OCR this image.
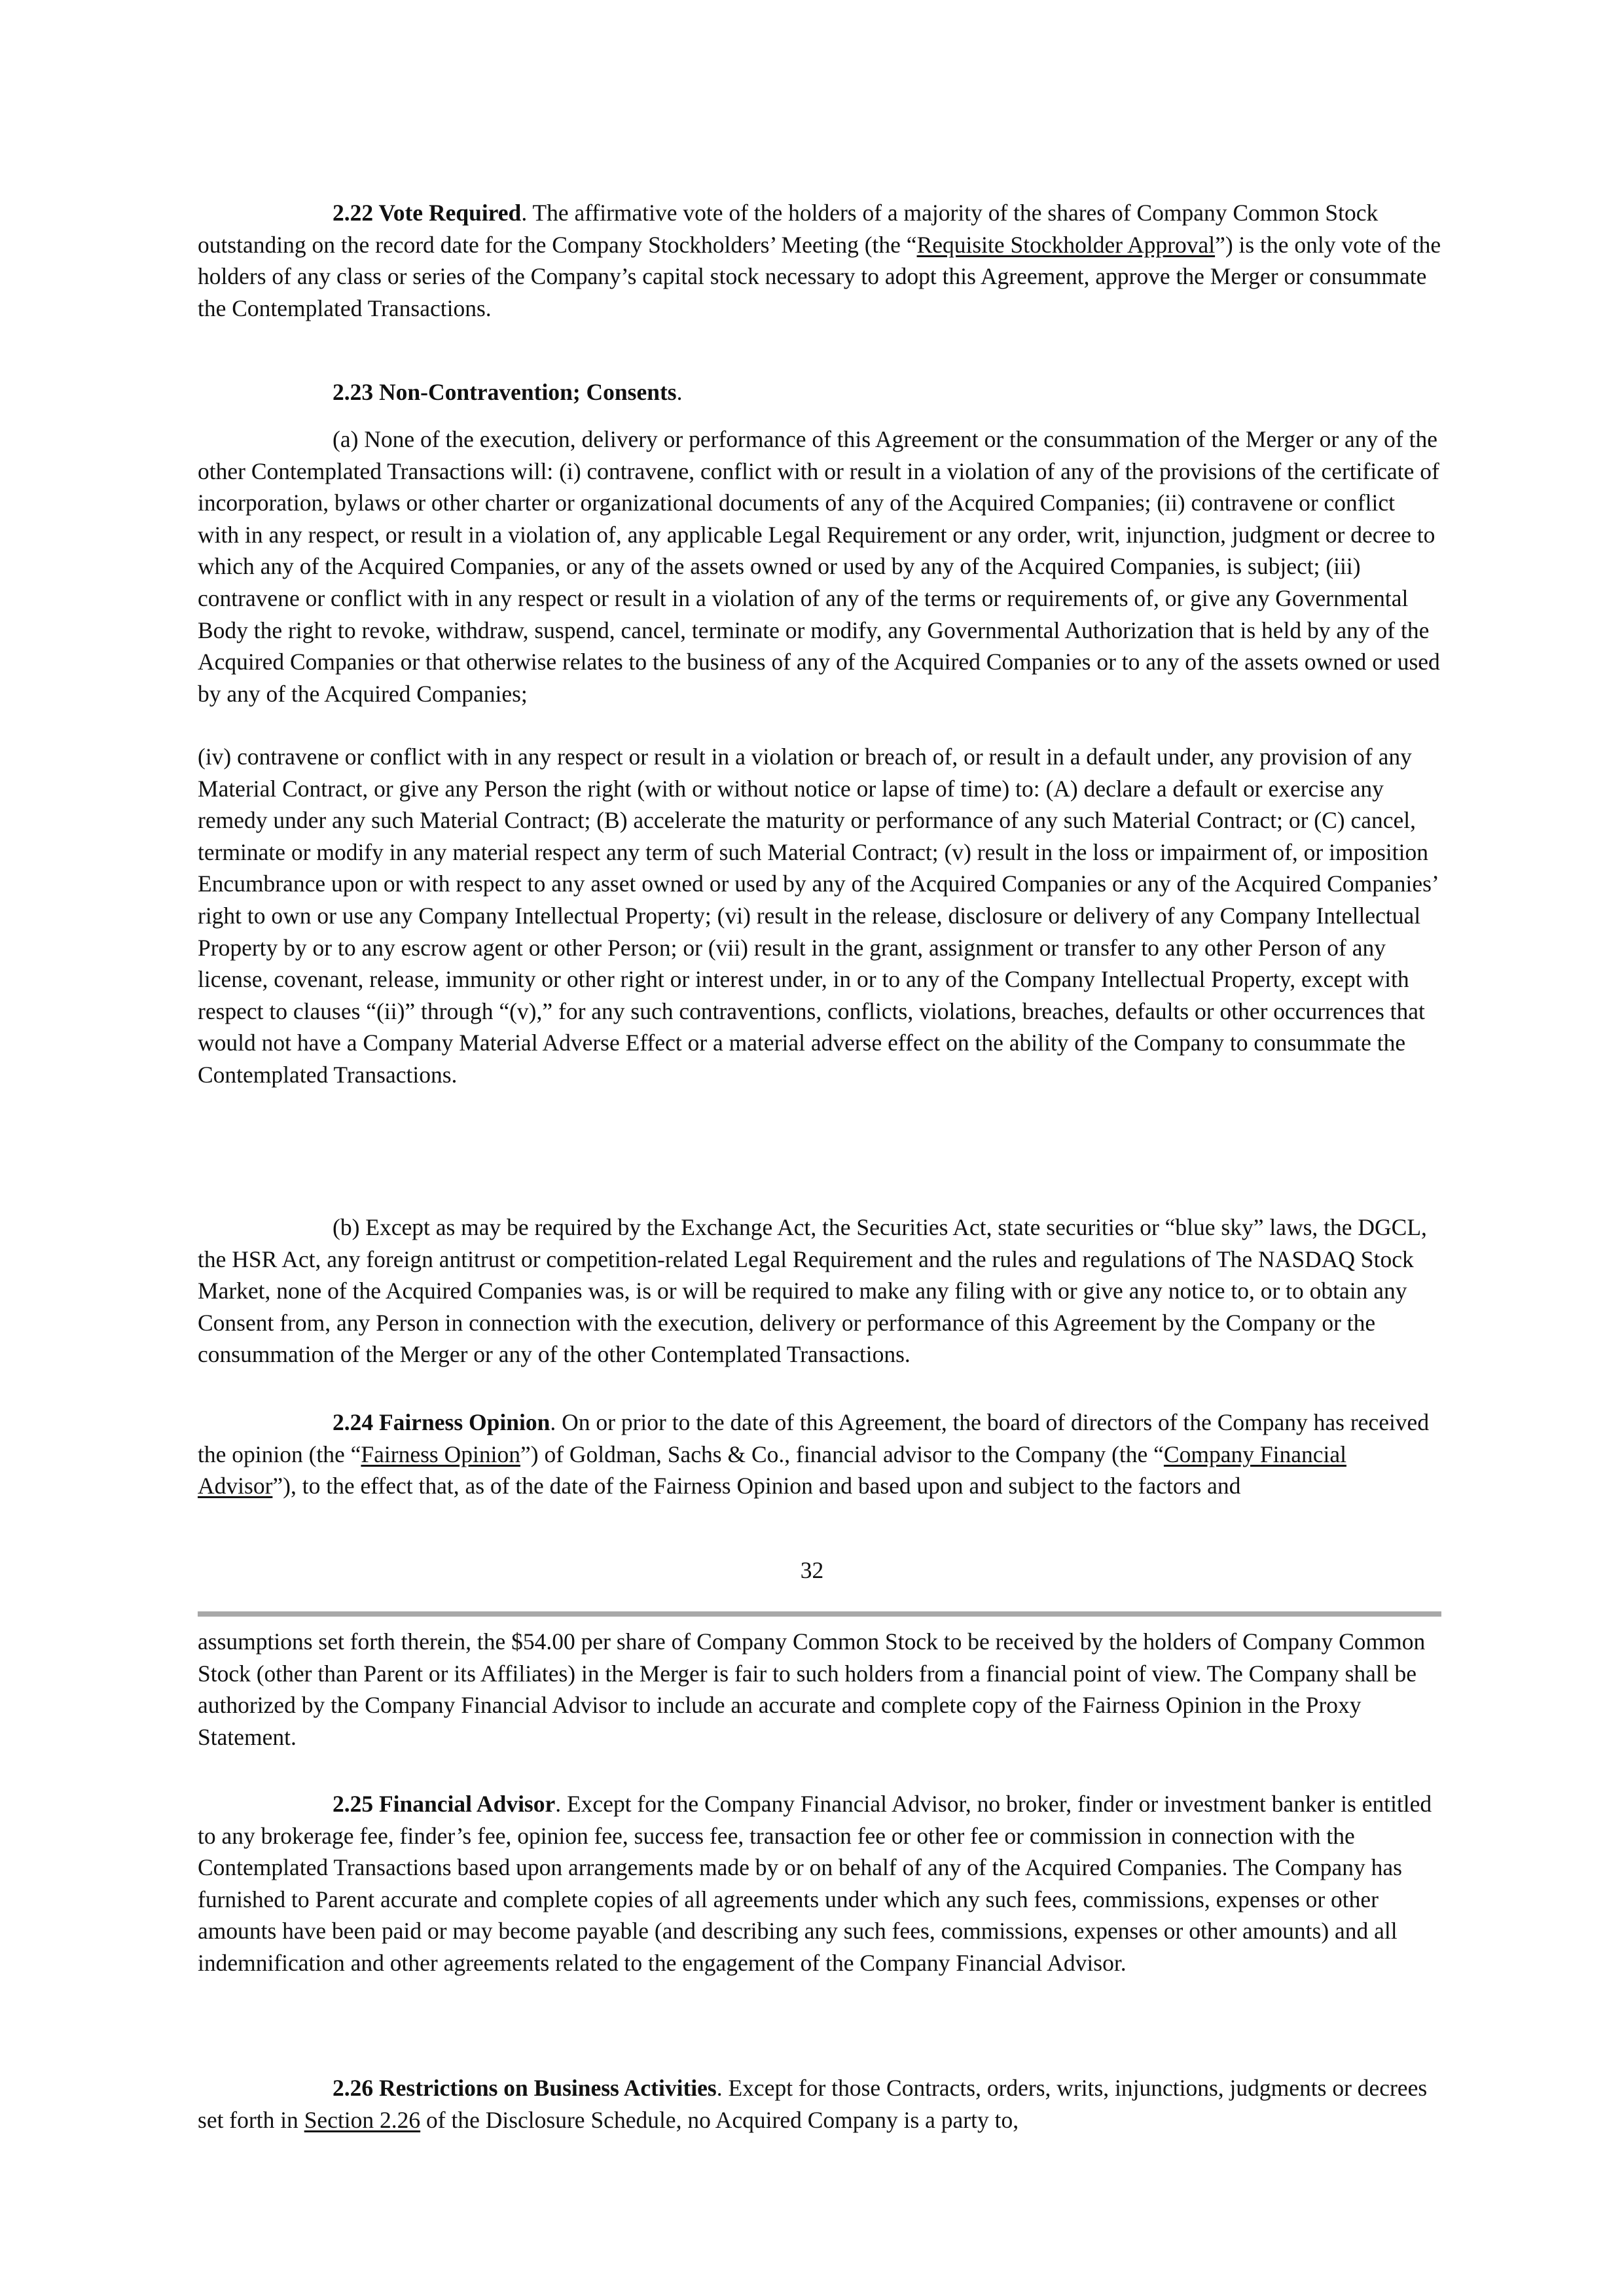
2.22 Vote Required. The affirmative vote of the holders of a majority of the shares of Company Common Stock outstanding on the record date for the Company Stockholders’ Meeting (the “Requisite Stockholder Approval”) is the only vote of the holders of any class or series of the Company’s capital stock necessary to adopt this Agreement, approve the Merger or consummate the Contemplated Transactions.

2.23 Non-Contravention; Consents.

(a) None of the execution, delivery or performance of this Agreement or the consummation of the Merger or any of the other Contemplated Transactions will: (i) contravene, conflict with or result in a violation of any of the provisions of the certificate of incorporation, bylaws or other charter or organizational documents of any of the Acquired Companies; (ii) contravene or conflict with in any respect, or result in a violation of, any applicable Legal Requirement or any order, writ, injunction, judgment or decree to which any of the Acquired Companies, or any of the assets owned or used by any of the Acquired Companies, is subject; (iii) contravene or conflict with in any respect or result in a violation of any of the terms or requirements of, or give any Governmental Body the right to revoke, withdraw, suspend, cancel, terminate or modify, any Governmental Authorization that is held by any of the Acquired Companies or that otherwise relates to the business of any of the Acquired Companies or to any of the assets owned or used by any of the Acquired Companies;

(iv) contravene or conflict with in any respect or result in a violation or breach of, or result in a default under, any provision of any Material Contract, or give any Person the right (with or without notice or lapse of time) to: (A) declare a default or exercise any remedy under any such Material Contract; (B) accelerate the maturity or performance of any such Material Contract; or (C) cancel, terminate or modify in any material respect any term of such Material Contract; (v) result in the loss or impairment of, or imposition Encumbrance upon or with respect to any asset owned or used by any of the Acquired Companies or any of the Acquired Companies’ right to own or use any Company Intellectual Property; (vi) result in the release, disclosure or delivery of any Company Intellectual Property by or to any escrow agent or other Person; or (vii) result in the grant, assignment or transfer to any other Person of any license, covenant, release, immunity or other right or interest under, in or to any of the Company Intellectual Property, except with respect to clauses “(ii)” through “(v),” for any such contraventions, conflicts, violations, breaches, defaults or other occurrences that would not have a Company Material Adverse Effect or a material adverse effect on the ability of the Company to consummate the Contemplated Transactions.

(b) Except as may be required by the Exchange Act, the Securities Act, state securities or “blue sky” laws, the DGCL, the HSR Act, any foreign antitrust or competition-related Legal Requirement and the rules and regulations of The NASDAQ Stock Market, none of the Acquired Companies was, is or will be required to make any filing with or give any notice to, or to obtain any Consent from, any Person in connection with the execution, delivery or performance of this Agreement by the Company or the consummation of the Merger or any of the other Contemplated Transactions.

2.24 Fairness Opinion. On or prior to the date of this Agreement, the board of directors of the Company has received the opinion (the “Fairness Opinion”) of Goldman, Sachs & Co., financial advisor to the Company (the “Company Financial Advisor”), to the effect that, as of the date of the Fairness Opinion and based upon and subject to the factors and

32

assumptions set forth therein, the $54.00 per share of Company Common Stock to be received by the holders of Company Common Stock (other than Parent or its Affiliates) in the Merger is fair to such holders from a financial point of view. The Company shall be authorized by the Company Financial Advisor to include an accurate and complete copy of the Fairness Opinion in the Proxy Statement.

2.25 Financial Advisor. Except for the Company Financial Advisor, no broker, finder or investment banker is entitled to any brokerage fee, finder’s fee, opinion fee, success fee, transaction fee or other fee or commission in connection with the Contemplated Transactions based upon arrangements made by or on behalf of any of the Acquired Companies. The Company has furnished to Parent accurate and complete copies of all agreements under which any such fees, commissions, expenses or other amounts have been paid or may become payable (and describing any such fees, commissions, expenses or other amounts) and all indemnification and other agreements related to the engagement of the Company Financial Advisor.

2.26 Restrictions on Business Activities. Except for those Contracts, orders, writs, injunctions, judgments or decrees set forth in Section 2.26 of the Disclosure Schedule, no Acquired Company is a party to,
